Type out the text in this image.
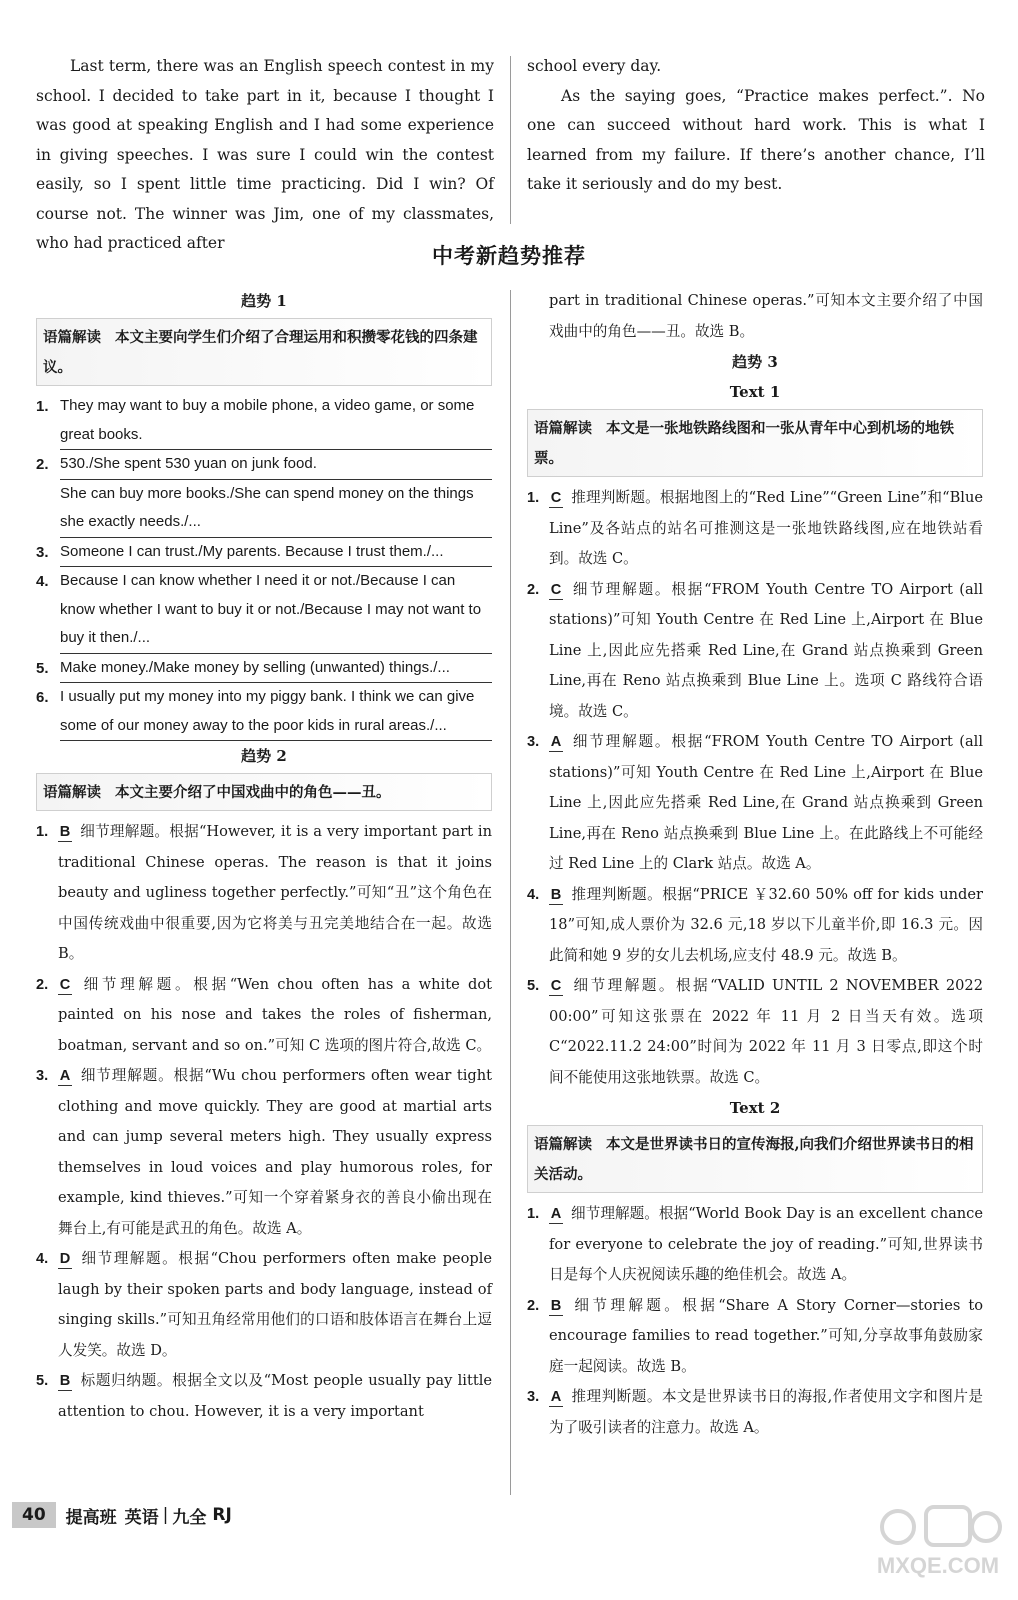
Last term, there was an English speech contest in my school. I decided to take part in it, because I thought I was good at speaking English and I had some experience in giving speeches. I was sure I could win the contest easily, so I spent little time practicing. Did I win? Of course not. The winner was Jim, one of my classmates, who had practiced after

school every day.

As the saying goes, “Practice makes perfect.”. No one can succeed without hard work. This is what I learned from my failure. If there’s another chance, I’ll take it seriously and do my best.

中考新趋势推荐
趋势 1
语篇解读 本文主要向学生们介绍了合理运用和积攒零花钱的四条建议。
1. They may want to buy a mobile phone, a video game, or some great books.
2. 530./She spent 530 yuan on junk food.
She can buy more books./She can spend money on the things she exactly needs./...
3. Someone I can trust./My parents. Because I trust them./...
4. Because I can know whether I need it or not./Because I can know whether I want to buy it or not./Because I may not want to buy it then./...
5. Make money./Make money by selling (unwanted) things./...
6. I usually put my money into my piggy bank. I think we can give some of our money away to the poor kids in rural areas./...
趋势 2
语篇解读 本文主要介绍了中国戏曲中的角色——丑。
1. B 细节理解题。根据“However, it is a very important part in traditional Chinese operas. The reason is that it joins beauty and ugliness together perfectly.”可知“丑”这个角色在中国传统戏曲中很重要,因为它将美与丑完美地结合在一起。故选 B。
2. C 细节理解题。根据“Wen chou often has a white dot painted on his nose and takes the roles of fisherman, boatman, servant and so on.”可知 C 选项的图片符合,故选 C。
3. A 细节理解题。根据“Wu chou performers often wear tight clothing and move quickly. They are good at martial arts and can jump several meters high. They usually express themselves in loud voices and play humorous roles, for example, kind thieves.”可知一个穿着紧身衣的善良小偷出现在舞台上,有可能是武丑的角色。故选 A。
4. D 细节理解题。根据“Chou performers often make people laugh by their spoken parts and body language, instead of singing skills.”可知丑角经常用他们的口语和肢体语言在舞台上逗人发笑。故选 D。
5. B 标题归纳题。根据全文以及“Most people usually pay little attention to chou. However, it is a very important
part in traditional Chinese operas.”可知本文主要介绍了中国戏曲中的角色——丑。故选 B。
趋势 3
Text 1
语篇解读 本文是一张地铁路线图和一张从青年中心到机场的地铁票。
1. C 推理判断题。根据地图上的“Red Line”“Green Line”和“Blue Line”及各站点的站名可推测这是一张地铁路线图,应在地铁站看到。故选 C。
2. C 细节理解题。根据“FROM Youth Centre TO Airport (all stations)”可知 Youth Centre 在 Red Line 上,Airport 在 Blue Line 上,因此应先搭乘 Red Line,在 Grand 站点换乘到 Green Line,再在 Reno 站点换乘到 Blue Line 上。选项 C 路线符合语境。故选 C。
3. A 细节理解题。根据“FROM Youth Centre TO Airport (all stations)”可知 Youth Centre 在 Red Line 上,Airport 在 Blue Line 上,因此应先搭乘 Red Line,在 Grand 站点换乘到 Green Line,再在 Reno 站点换乘到 Blue Line 上。在此路线上不可能经过 Red Line 上的 Clark 站点。故选 A。
4. B 推理判断题。根据“PRICE ￥32.60 50% off for kids under 18”可知,成人票价为 32.6 元,18 岁以下儿童半价,即 16.3 元。因此简和她 9 岁的女儿去机场,应支付 48.9 元。故选 B。
5. C 细节理解题。根据“VALID UNTIL 2 NOVEMBER 2022 00:00”可知这张票在 2022 年 11 月 2 日当天有效。选项 C“2022.11.2 24:00”时间为 2022 年 11 月 3 日零点,即这个时间不能使用这张地铁票。故选 C。
Text 2
语篇解读 本文是世界读书日的宣传海报,向我们介绍世界读书日的相关活动。
1. A 细节理解题。根据“World Book Day is an excellent chance for everyone to celebrate the joy of reading.”可知,世界读书日是每个人庆祝阅读乐趣的绝佳机会。故选 A。
2. B 细节理解题。根据“Share A Story Corner—stories to encourage families to read together.”可知,分享故事角鼓励家庭一起阅读。故选 B。
3. A 推理判断题。本文是世界读书日的海报,作者使用文字和图片是为了吸引读者的注意力。故选 A。
40	提高班 英语 | 九全 RJ
MXQE.COM
